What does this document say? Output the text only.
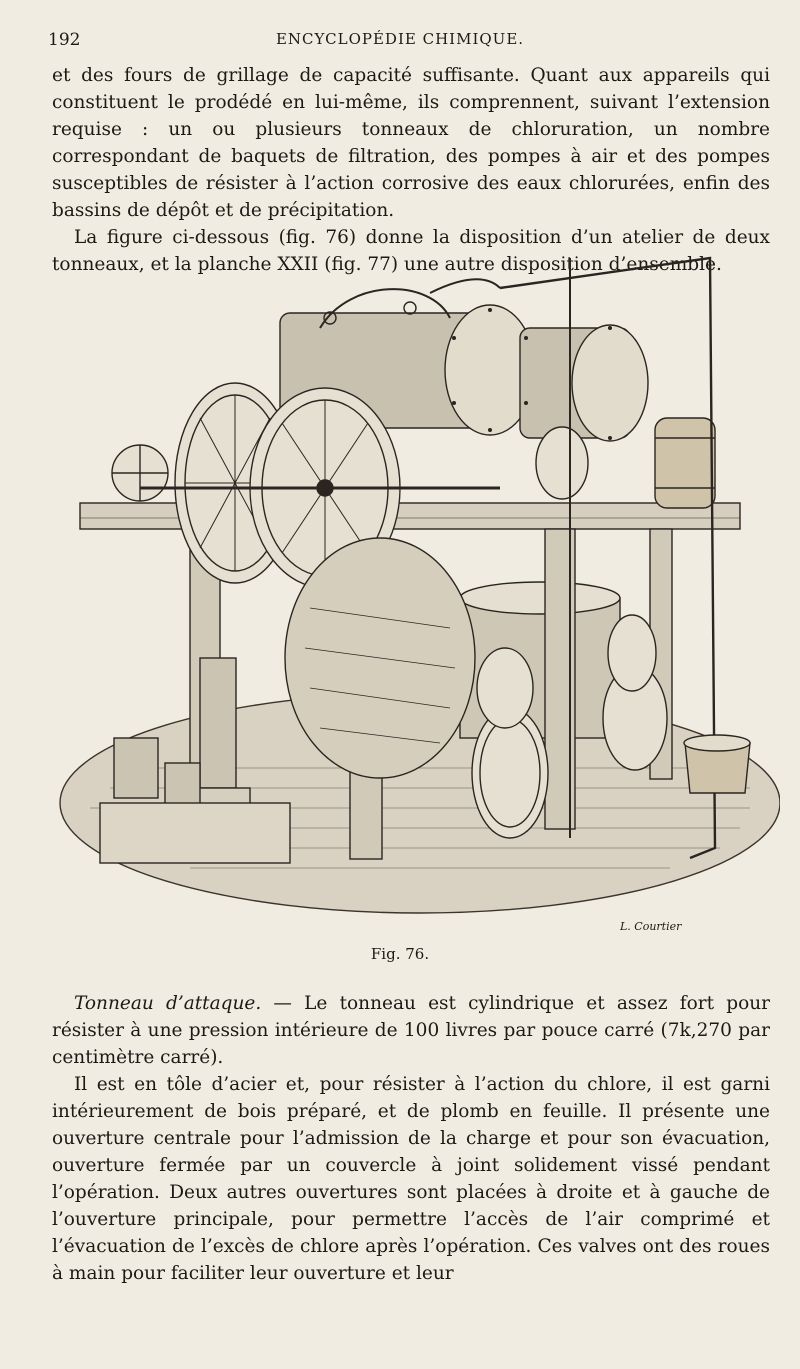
192	ENCYCLOPÉDIE CHIMIQUE.

et des fours de grillage de capacité suffisante. Quant aux appareils qui constituent le prodédé en lui-même, ils comprennent, suivant l’extension requise : un ou plusieurs tonneaux de chloruration, un nombre correspondant de baquets de filtration, des pompes à air et des pompes susceptibles de résister à l’action corrosive des eaux chlorurées, enfin des bassins de dépôt et de précipitation.

La figure ci-dessous (fig. 76) donne la disposition d’un atelier de deux tonneaux, et la planche XXII (fig. 77) une autre disposition d’ensemble.

L. Courtier
Fig. 76.

Tonneau d’attaque. — Le tonneau est cylindrique et assez fort pour résister à une pression intérieure de 100 livres par pouce carré (7k,270 par centimètre carré).

Il est en tôle d’acier et, pour résister à l’action du chlore, il est garni intérieurement de bois préparé, et de plomb en feuille. Il présente une ouverture centrale pour l’admission de la charge et pour son évacuation, ouverture fermée par un couvercle à joint solidement vissé pendant l’opération. Deux autres ouvertures sont placées à droite et à gauche de l’ouverture principale, pour permettre l’accès de l’air comprimé et l’évacuation de l’excès de chlore après l’opération. Ces valves ont des roues à main pour faciliter leur ouverture et leur
